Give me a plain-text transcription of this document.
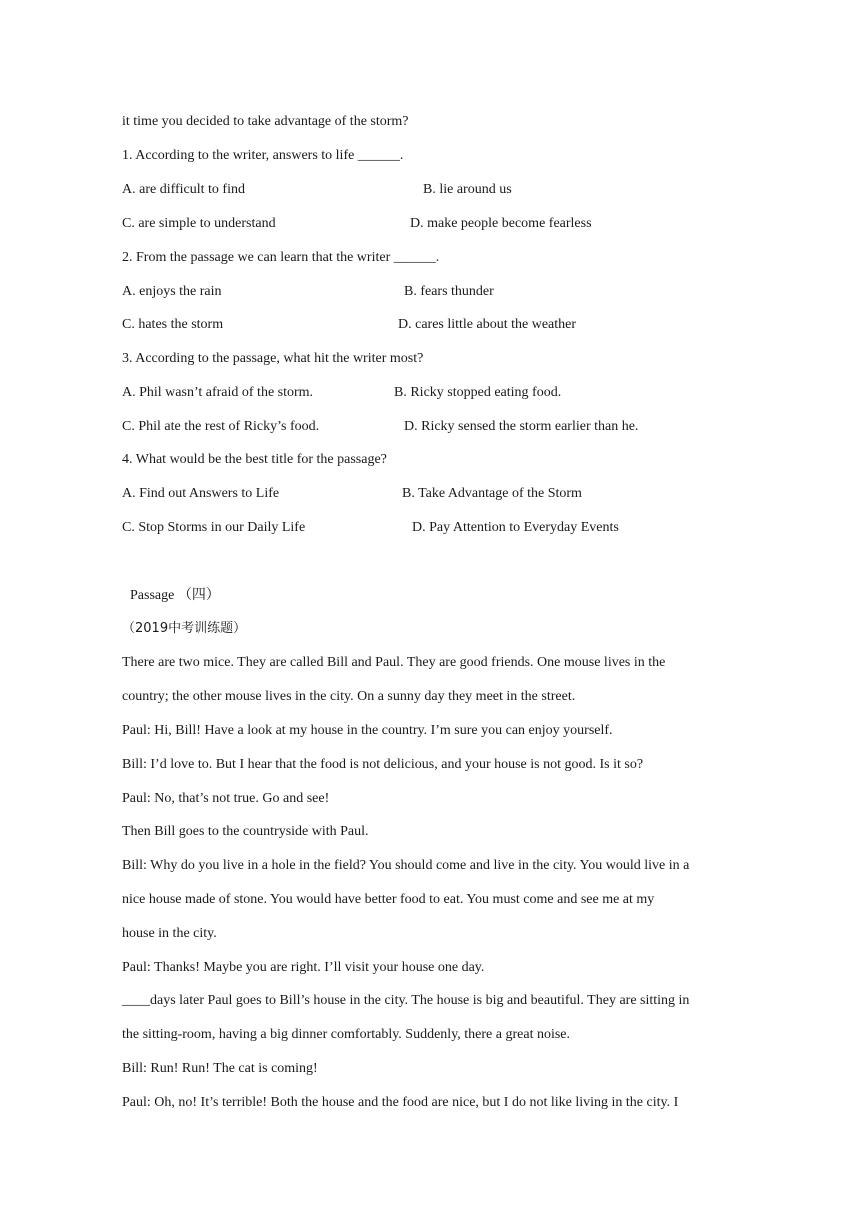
it time you decided to take advantage of the storm?
1. According to the writer, answers to life ______.
A. are difficult to find	B. lie around us
C. are simple to understand	D. make people become fearless
2. From the passage we can learn that the writer ______.
A. enjoys the rain	B. fears thunder
C. hates the storm	D. cares little about the weather
3. According to the passage, what hit the writer most?
A. Phil wasn’t afraid of the storm.	B. Ricky stopped eating food.
C. Phil ate the rest of Ricky’s food.	D. Ricky sensed the storm earlier than he.
4. What would be the best title for the passage?
A. Find out Answers to Life	B. Take Advantage of the Storm
C. Stop Storms in our Daily Life	D. Pay Attention to Everyday Events
Passage （四）
（2019中考训练题）
There are two mice. They are called Bill and Paul. They are good friends. One mouse lives in the
country; the other mouse lives in the city. On a sunny day they meet in the street.
Paul: Hi, Bill! Have a look at my house in the country. I’m sure you can enjoy yourself.
Bill: I’d love to. But I hear that the food is not delicious, and your house is not good. Is it so?
Paul: No, that’s not true. Go and see!
Then Bill goes to the countryside with Paul.
Bill: Why do you live in a hole in the field? You should come and live in the city. You would live in a
nice house made of stone. You would have better food to eat. You must come and see me at my
house in the city.
Paul: Thanks! Maybe you are right. I’ll visit your house one day.
____days later Paul goes to Bill’s house in the city. The house is big and beautiful. They are sitting in
the sitting-room, having a big dinner comfortably. Suddenly, there a great noise.
Bill: Run! Run! The cat is coming!
Paul: Oh, no! It’s terrible! Both the house and the food are nice, but I do not like living in the city. I
